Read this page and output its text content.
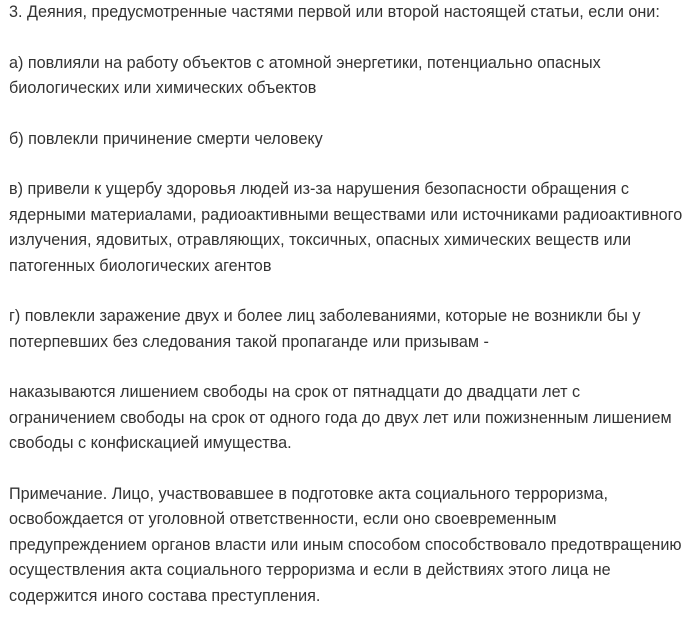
3. Деяния, предусмотренные частями первой или второй настоящей статьи, если они:

а) повлияли на работу объектов с атомной энергетики, потенциально опасных биологических или химических объектов

б) повлекли причинение смерти человеку

в) привели к ущербу здоровья людей из-за нарушения безопасности обращения с ядерными материалами, радиоактивными веществами или источниками радиоактивного излучения, ядовитых, отравляющих, токсичных, опасных химических веществ или патогенных биологических агентов

г) повлекли заражение двух и более лиц заболеваниями, которые не возникли бы у потерпевших без следования такой пропаганде или призывам -

наказываются лишением свободы на срок от пятнадцати до двадцати лет с ограничением свободы на срок от одного года до двух лет или пожизненным лишением свободы с конфискацией имущества.

Примечание. Лицо, участвовавшее в подготовке акта социального терроризма, освобождается от уголовной ответственности, если оно своевременным предупреждением органов власти или иным способом способствовало предотвращению осуществления акта социального терроризма и если в действиях этого лица не содержится иного состава преступления.
